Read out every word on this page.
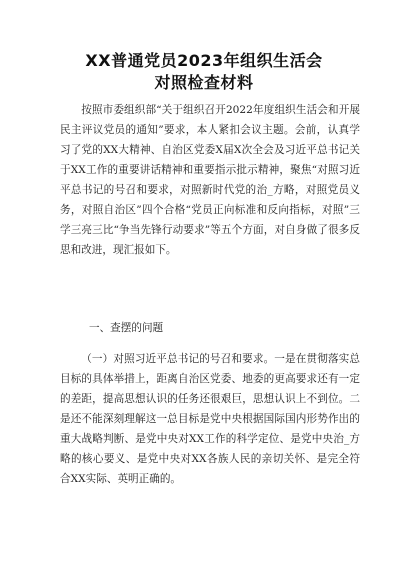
XX普通党员2023年组织生活会
对照检查材料
按照市委组织部“关于组织召开2022年度组织生活会和开展民主评议党员的通知”要求，本人紧扣会议主题。会前，认真学习了党的XX大精神、自治区党委X届X次全会及习近平总书记关于XX工作的重要讲话精神和重要指示批示精神，聚焦“对照习近平总书记的号召和要求，对照新时代党的治_方略，对照党员义务，对照自治区”四个合格“党员正向标准和反向指标，对照”三学三亮三比“争当先锋行动要求”等五个方面，对自身做了很多反思和改进，现汇报如下。
一、查摆的问题
（一）对照习近平总书记的号召和要求。一是在贯彻落实总目标的具体举措上，距离自治区党委、地委的更高要求还有一定的差距，提高思想认识的任务还很艰巨，思想认识上不到位。二是还不能深刻理解这一总目标是党中央根据国际国内形势作出的重大战略判断、是党中央对XX工作的科学定位、是党中央治_方略的核心要义、是党中央对XX各族人民的亲切关怀、是完全符合XX实际、英明正确的。
